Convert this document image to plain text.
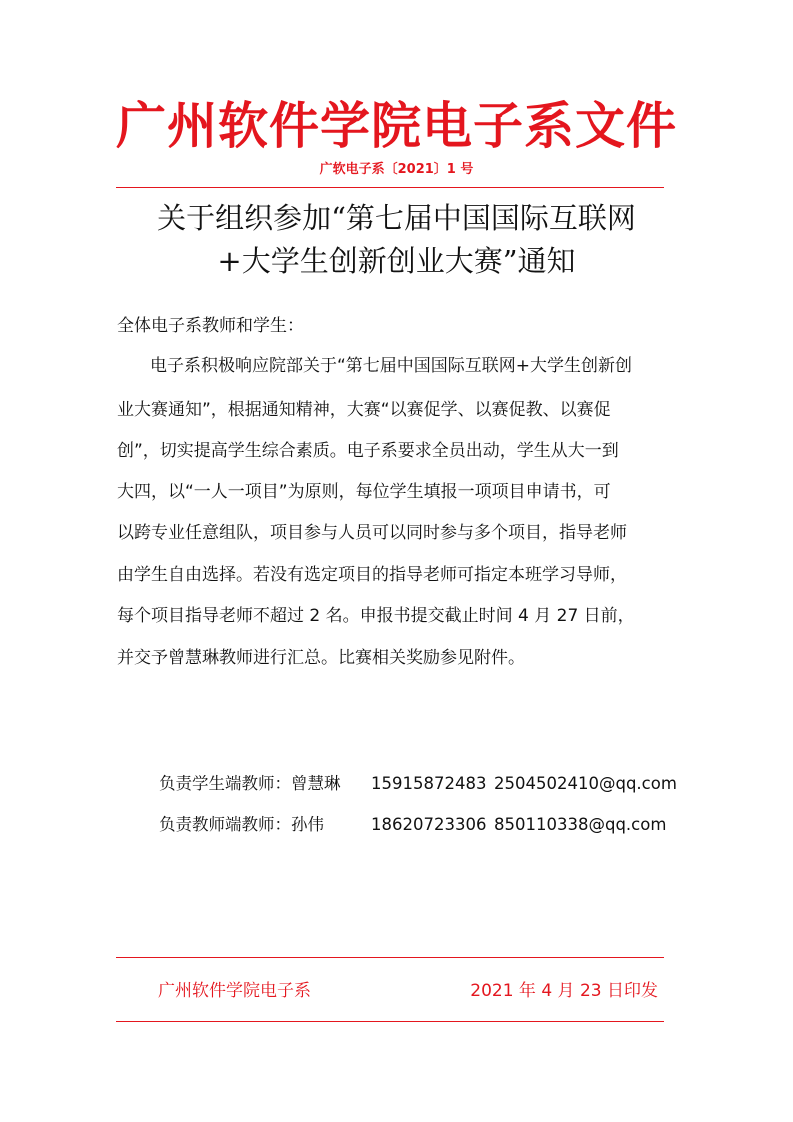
广州软件学院电子系文件
广软电子系〔2021〕1 号
关于组织参加“第七届中国国际互联网
+大学生创新创业大赛”通知
全体电子系教师和学生：
电子系积极响应院部关于“第七届中国国际互联网+大学生创新创
业大赛通知”，根据通知精神，大赛“以赛促学、以赛促教、以赛促
创”，切实提高学生综合素质。电子系要求全员出动，学生从大一到
大四，以“一人一项目”为原则，每位学生填报一项项目申请书，可
以跨专业任意组队，项目参与人员可以同时参与多个项目，指导老师
由学生自由选择。若没有选定项目的指导老师可指定本班学习导师，
每个项目指导老师不超过 2 名。申报书提交截止时间 4 月 27 日前，
并交予曾慧琳教师进行汇总。比赛相关奖励参见附件。
负责学生端教师：曾慧琳 15915872483 2504502410@qq.com
负责教师端教师：孙伟	18620723306 850110338@qq.com
广州软件学院电子系	2021 年 4 月 23 日印发
